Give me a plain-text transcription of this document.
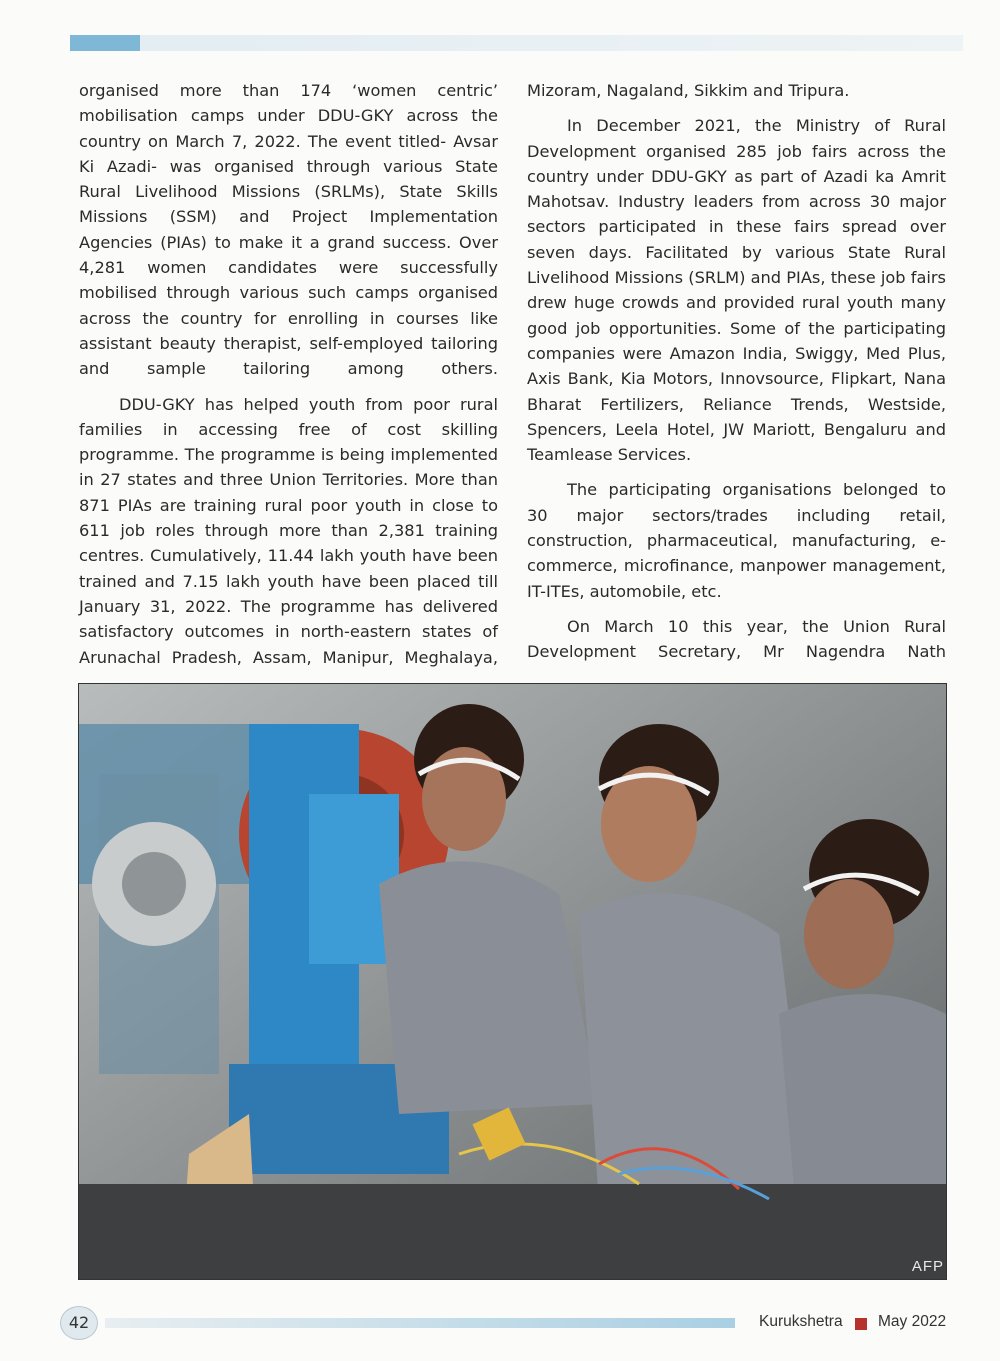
organised more than 174 ‘women centric’ mobilisation camps under DDU-GKY across the country on March 7, 2022. The event titled- Avsar Ki Azadi- was organised through various State Rural Livelihood Missions (SRLMs), State Skills Missions (SSM) and Project Implementation Agencies (PIAs) to make it a grand success. Over 4,281 women candidates were successfully mobilised through various such camps organised across the country for enrolling in courses like assistant beauty therapist, self-employed tailoring and sample tailoring among others.

DDU-GKY has helped youth from poor rural families in accessing free of cost skilling programme. The programme is being implemented in 27 states and three Union Territories. More than 871 PIAs are training rural poor youth in close to 611 job roles through more than 2,381 training centres. Cumulatively, 11.44 lakh youth have been trained and 7.15 lakh youth have been placed till January 31, 2022. The programme has delivered satisfactory outcomes in north-eastern states of Arunachal Pradesh, Assam, Manipur, Meghalaya,

Mizoram, Nagaland, Sikkim and Tripura.

In December 2021, the Ministry of Rural Development organised 285 job fairs across the country under DDU-GKY as part of Azadi ka Amrit Mahotsav. Industry leaders from across 30 major sectors participated in these fairs spread over seven days. Facilitated by various State Rural Livelihood Missions (SRLM) and PIAs, these job fairs drew huge crowds and provided rural youth many good job opportunities. Some of the participating companies were Amazon India, Swiggy, Med Plus, Axis Bank, Kia Motors, Innovsource, Flipkart, Nana Bharat Fertilizers, Reliance Trends, Westside, Spencers, Leela Hotel, JW Mariott, Bengaluru and Teamlease Services.

The participating organisations belonged to 30 major sectors/trades including retail, construction, pharmaceutical, manufacturing, e-commerce, microfinance, manpower management, IT-ITEs, automobile, etc.

On March 10 this year, the Union Rural Development Secretary, Mr Nagendra Nath

AFP
42	Kurukshetra May 2022
